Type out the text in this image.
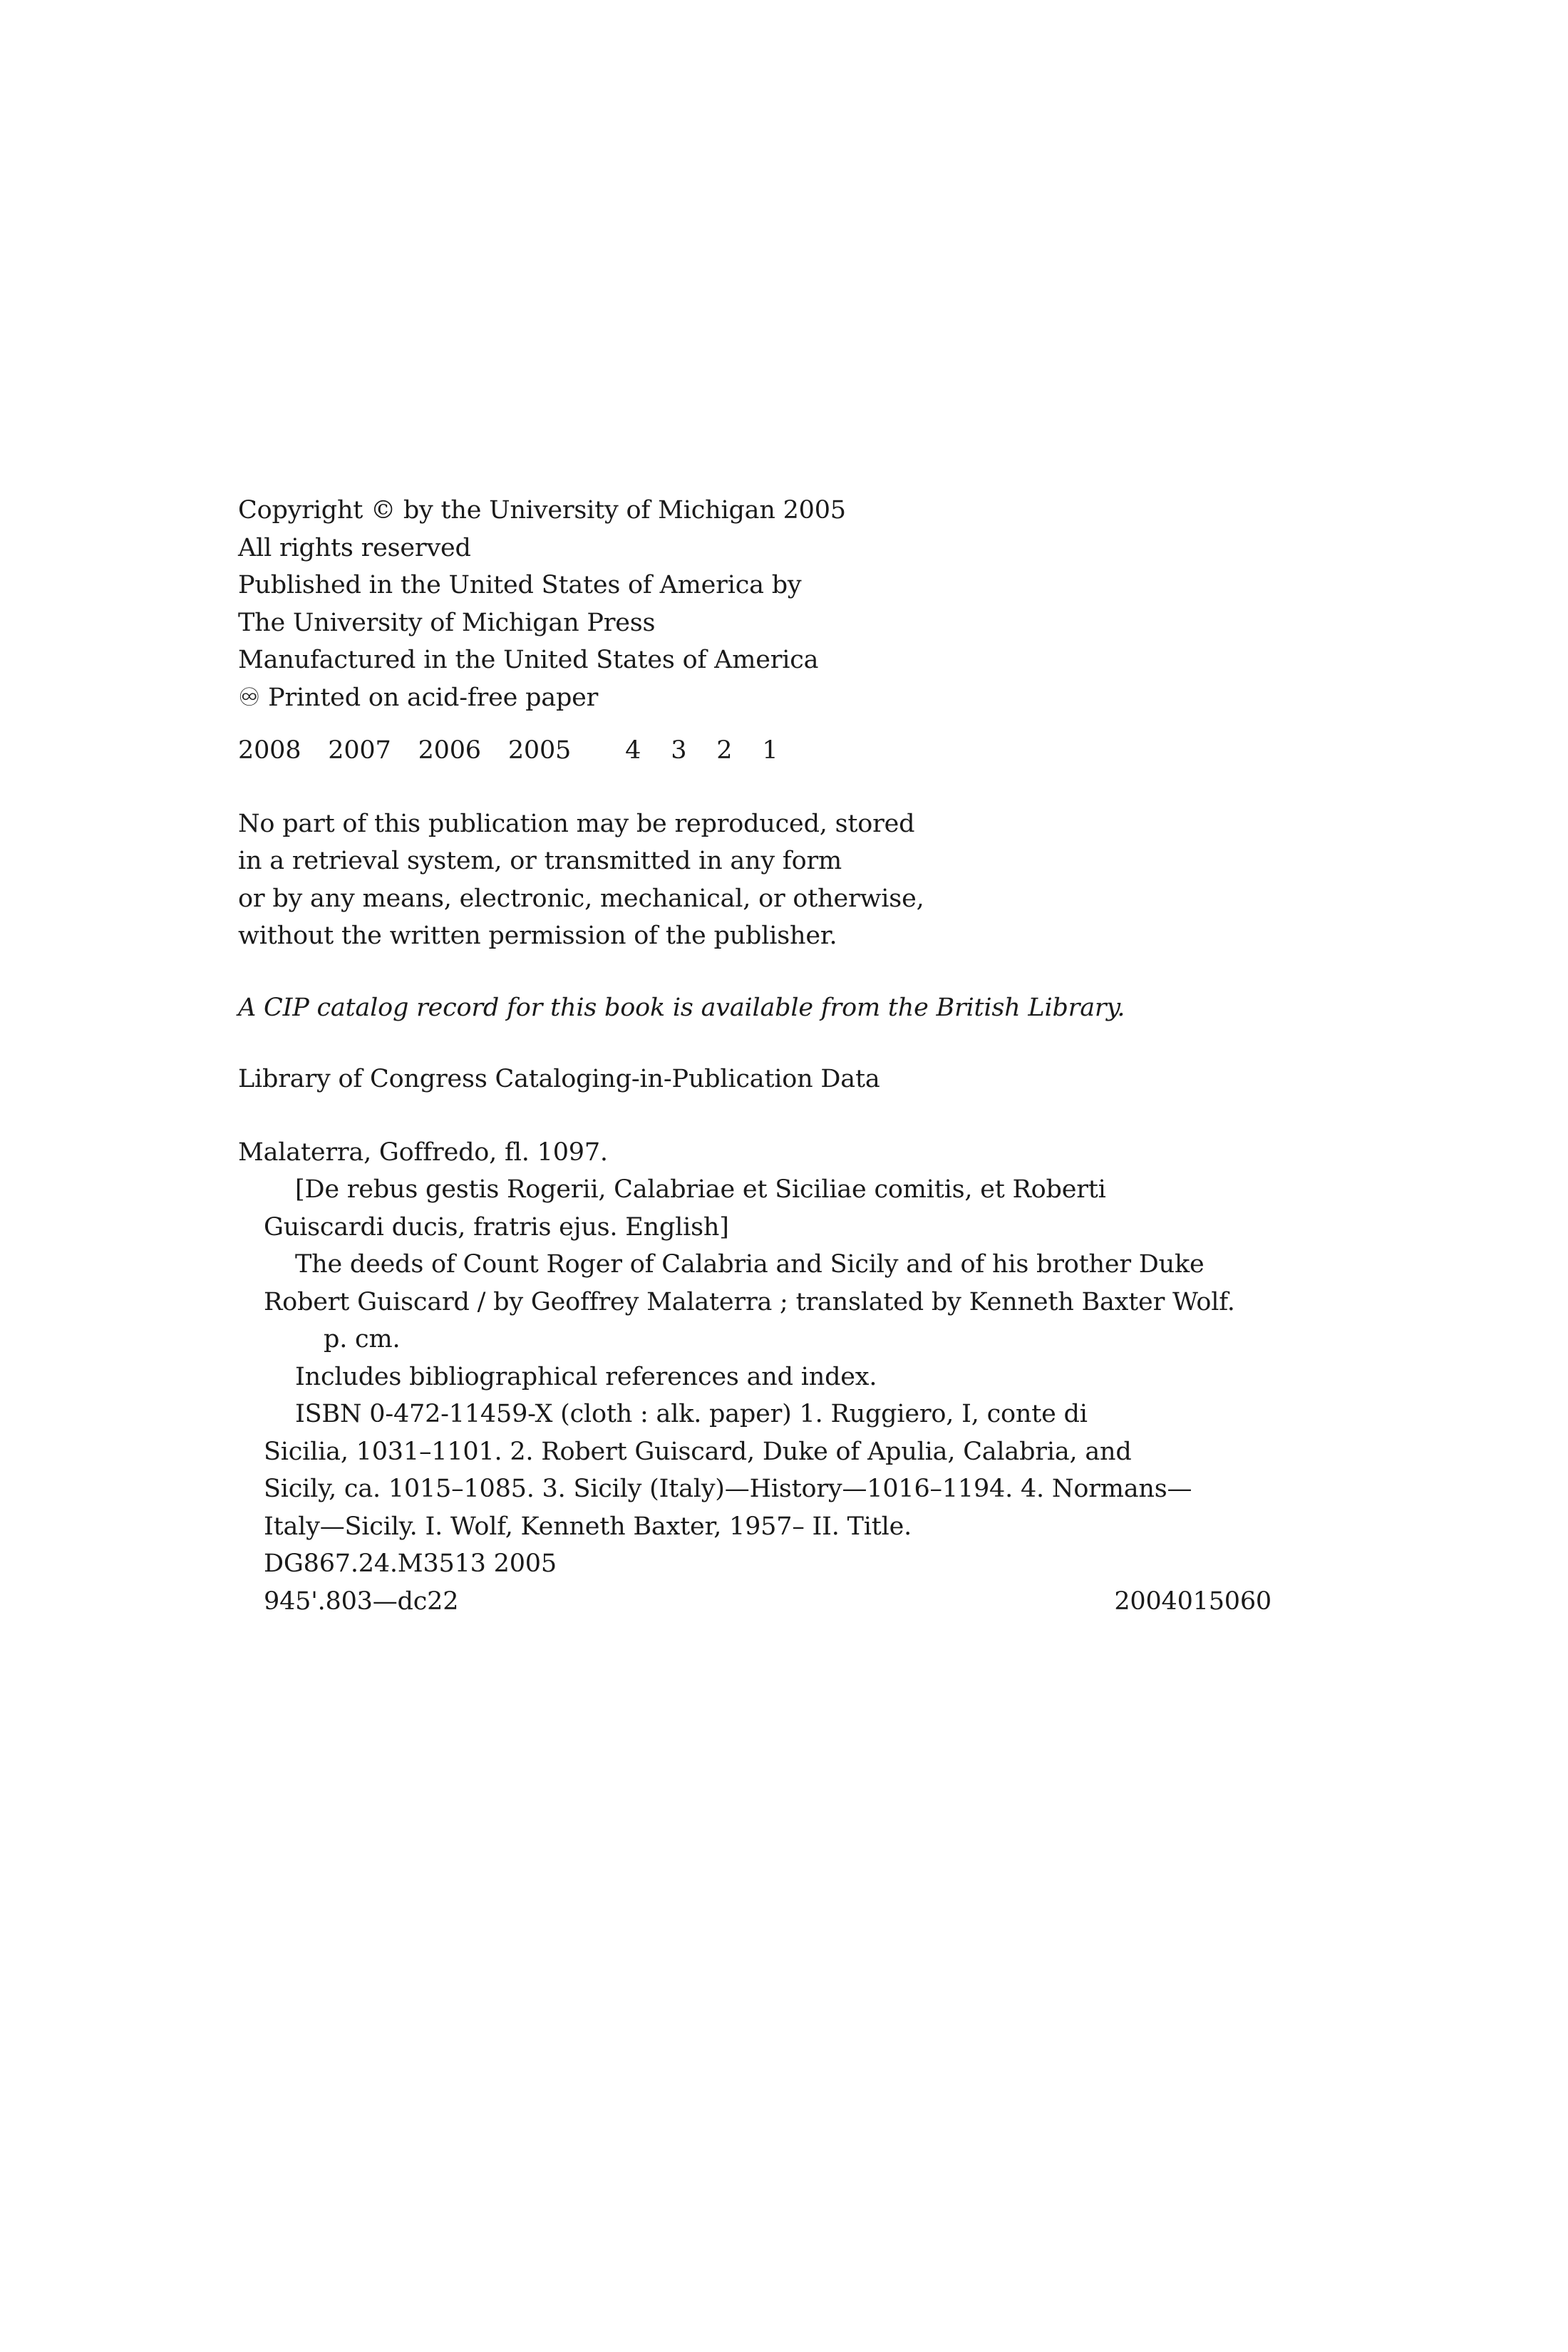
Copyright © by the University of Michigan 2005

All rights reserved

Published in the United States of America by

The University of Michigan Press

Manufactured in the United States of America

♾ Printed on acid-free paper

2008 2007 2006 2005 4 3 2 1

No part of this publication may be reproduced, stored

in a retrieval system, or transmitted in any form

or by any means, electronic, mechanical, or otherwise,

without the written permission of the publisher.

A CIP catalog record for this book is available from the British Library.

Library of Congress Cataloging-in-Publication Data

Malaterra, Goffredo, fl. 1097.

[De rebus gestis Rogerii, Calabriae et Siciliae comitis, et Roberti

Guiscardi ducis, fratris ejus. English]

The deeds of Count Roger of Calabria and Sicily and of his brother Duke

Robert Guiscard / by Geoffrey Malaterra ; translated by Kenneth Baxter Wolf.

p. cm.

Includes bibliographical references and index.

ISBN 0-472-11459-X (cloth : alk. paper) 1. Ruggiero, I, conte di

Sicilia, 1031–1101. 2. Robert Guiscard, Duke of Apulia, Calabria, and

Sicily, ca. 1015–1085. 3. Sicily (Italy)—History—1016–1194. 4. Normans—

Italy—Sicily. I. Wolf, Kenneth Baxter, 1957– II. Title.

DG867.24.M3513 2005

945'.803—dc22	2004015060
